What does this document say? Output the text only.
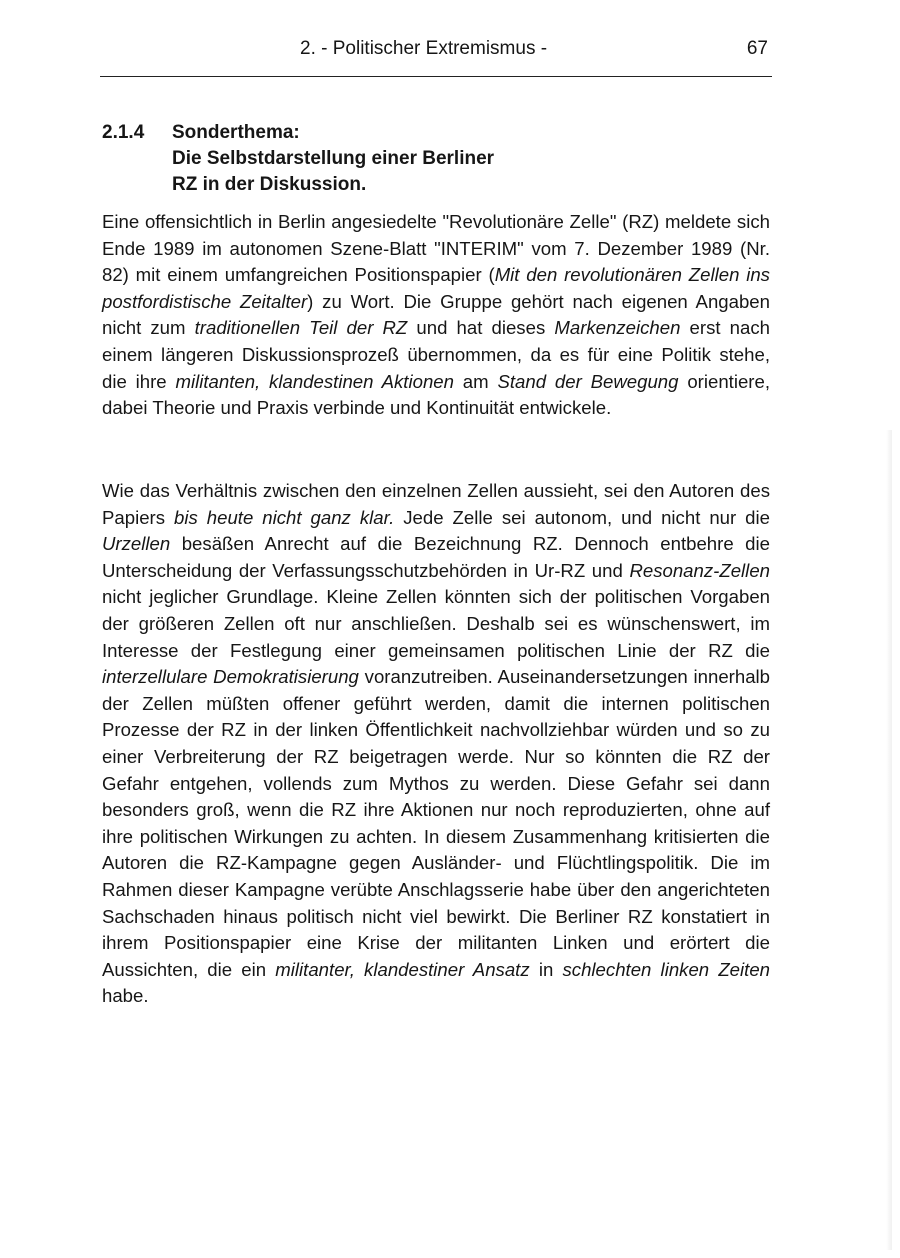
2. - Politischer Extremismus -	67
2.1.4 Sonderthema:
Die Selbstdarstellung einer Berliner
RZ in der Diskussion.

Eine offensichtlich in Berlin angesiedelte "Revolutionäre Zelle" (RZ) meldete sich Ende 1989 im autonomen Szene-Blatt "INTERIM" vom 7. Dezember 1989 (Nr. 82) mit einem umfangreichen Positionspapier (Mit den revolutionären Zellen ins postfordistische Zeitalter) zu Wort. Die Gruppe gehört nach eigenen Angaben nicht zum traditionellen Teil der RZ und hat dieses Markenzeichen erst nach einem längeren Diskussionsprozeß übernommen, da es für eine Politik stehe, die ihre militanten, klandestinen Aktionen am Stand der Bewegung orientiere, dabei Theorie und Praxis verbinde und Kontinuität entwickele.

Wie das Verhältnis zwischen den einzelnen Zellen aussieht, sei den Autoren des Papiers bis heute nicht ganz klar. Jede Zelle sei autonom, und nicht nur die Urzellen besäßen Anrecht auf die Bezeichnung RZ. Dennoch entbehre die Unterscheidung der Verfassungsschutzbehörden in Ur-RZ und Resonanz-Zellen nicht jeglicher Grundlage. Kleine Zellen könnten sich der politischen Vorgaben der größeren Zellen oft nur anschließen. Deshalb sei es wünschenswert, im Interesse der Festlegung einer gemeinsamen politischen Linie der RZ die interzellulare Demokratisierung voranzutreiben. Auseinandersetzungen innerhalb der Zellen müßten offener geführt werden, damit die internen politischen Prozesse der RZ in der linken Öffentlichkeit nachvollziehbar würden und so zu einer Verbreiterung der RZ beigetragen werde. Nur so könnten die RZ der Gefahr entgehen, vollends zum Mythos zu werden. Diese Gefahr sei dann besonders groß, wenn die RZ ihre Aktionen nur noch reproduzierten, ohne auf ihre politischen Wirkungen zu achten. In diesem Zusammenhang kritisierten die Autoren die RZ-Kampagne gegen Ausländer- und Flüchtlingspolitik. Die im Rahmen dieser Kampagne verübte Anschlagsserie habe über den angerichteten Sachschaden hinaus politisch nicht viel bewirkt. Die Berliner RZ konstatiert in ihrem Positionspapier eine Krise der militanten Linken und erörtert die Aussichten, die ein militanter, klandestiner Ansatz in schlechten linken Zeiten habe.
